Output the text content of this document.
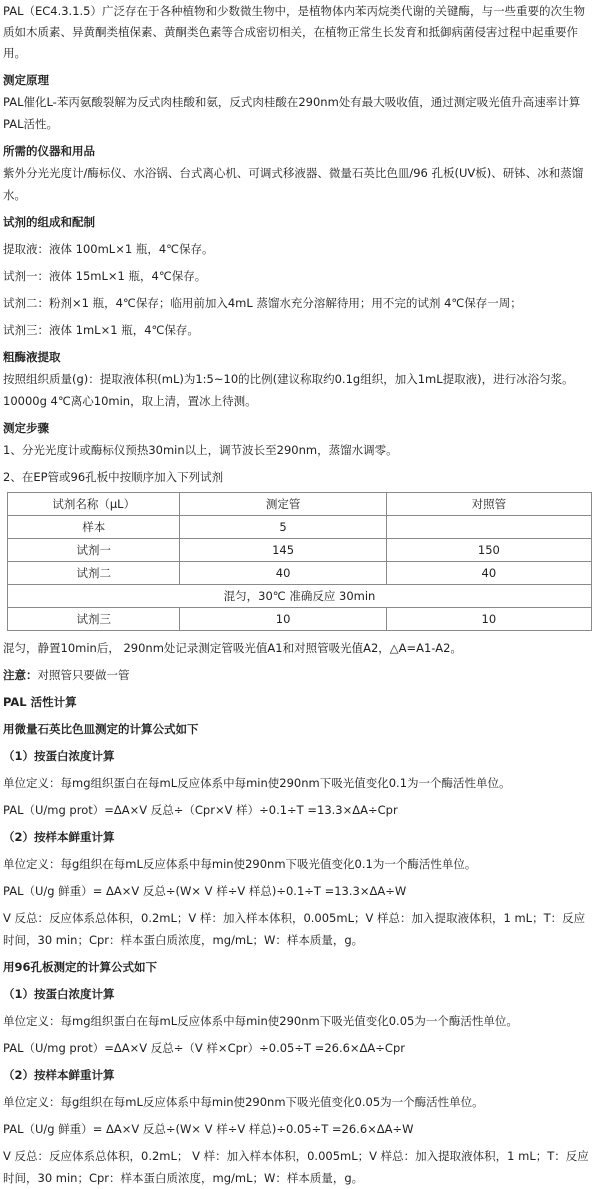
PAL（EC4.3.1.5）广泛存在于各种植物和少数微生物中，是植物体内苯丙烷类代谢的关键酶，与一些重要的次生物质如木质素、异黄酮类植保素、黄酮类色素等合成密切相关，在植物正常生长发育和抵御病菌侵害过程中起重要作用。

测定原理

PAL催化L-苯丙氨酸裂解为反式肉桂酸和氨，反式肉桂酸在290nm处有最大吸收值，通过测定吸光值升高速率计算PAL活性。

所需的仪器和用品

紫外分光光度计/酶标仪、水浴锅、台式离心机、可调式移液器、微量石英比色皿/96 孔板(UV板)、研钵、冰和蒸馏水。

试剂的组成和配制

提取液：液体 100mL×1 瓶，4℃保存。

试剂一：液体 15mL×1 瓶，4℃保存。

试剂二：粉剂×1 瓶，4℃保存；临用前加入4mL 蒸馏水充分溶解待用；用不完的试剂 4℃保存一周；

试剂三：液体 1mL×1 瓶，4℃保存。

粗酶液提取

按照组织质量(g)：提取液体积(mL)为1:5~10的比例(建议称取约0.1g组织，加入1mL提取液)，进行冰浴匀浆。10000g 4℃离心10min，取上清，置冰上待测。

测定步骤

1、分光光度计或酶标仪预热30min以上，调节波长至290nm，蒸馏水调零。

2、在EP管或96孔板中按顺序加入下列试剂

试剂名称（μL）	测定管	对照管
样本	5	
试剂一	145	150
试剂二	40	40
混匀，30℃ 准确反应 30min		
试剂三	10	10

混匀，静置10min后， 290nm处记录测定管吸光值A1和对照管吸光值A2，△A=A1-A2。

注意：对照管只要做一管

PAL 活性计算

用微量石英比色皿测定的计算公式如下

（1）按蛋白浓度计算

单位定义：每mg组织蛋白在每mL反应体系中每min使290nm下吸光值变化0.1为一个酶活性单位。

PAL（U/mg prot）=ΔA×V 反总÷（Cpr×V 样）÷0.1÷T =13.3×ΔA÷Cpr

（2）按样本鲜重计算

单位定义：每g组织在每mL反应体系中每min使290nm下吸光值变化0.1为一个酶活性单位。

PAL（U/g 鲜重）= ΔA×V 反总÷(W× V 样÷V 样总)÷0.1÷T =13.3×ΔA÷W

V 反总：反应体系总体积，0.2mL；V 样：加入样本体积，0.005mL；V 样总：加入提取液体积，1 mL；T：反应时间，30 min；Cpr：样本蛋白质浓度，mg/mL；W：样本质量，g。

用96孔板测定的计算公式如下

（1）按蛋白浓度计算

单位定义：每mg组织蛋白在每mL反应体系中每min使290nm下吸光值变化0.05为一个酶活性单位。

PAL（U/mg prot）=ΔA×V 反总÷（V 样×Cpr）÷0.05÷T =26.6×ΔA÷Cpr

（2）按样本鲜重计算

单位定义：每g组织在每mL反应体系中每min使290nm下吸光值变化0.05为一个酶活性单位。

PAL（U/g 鲜重）= ΔA×V 反总÷(W× V 样÷V 样总)÷0.05÷T =26.6×ΔA÷W

V 反总：反应体系总体积，0.2mL； V 样：加入样本体积，0.005mL；V 样总：加入提取液体积，1 mL；T：反应时间，30 min；Cpr：样本蛋白质浓度，mg/mL；W：样本质量，g。
